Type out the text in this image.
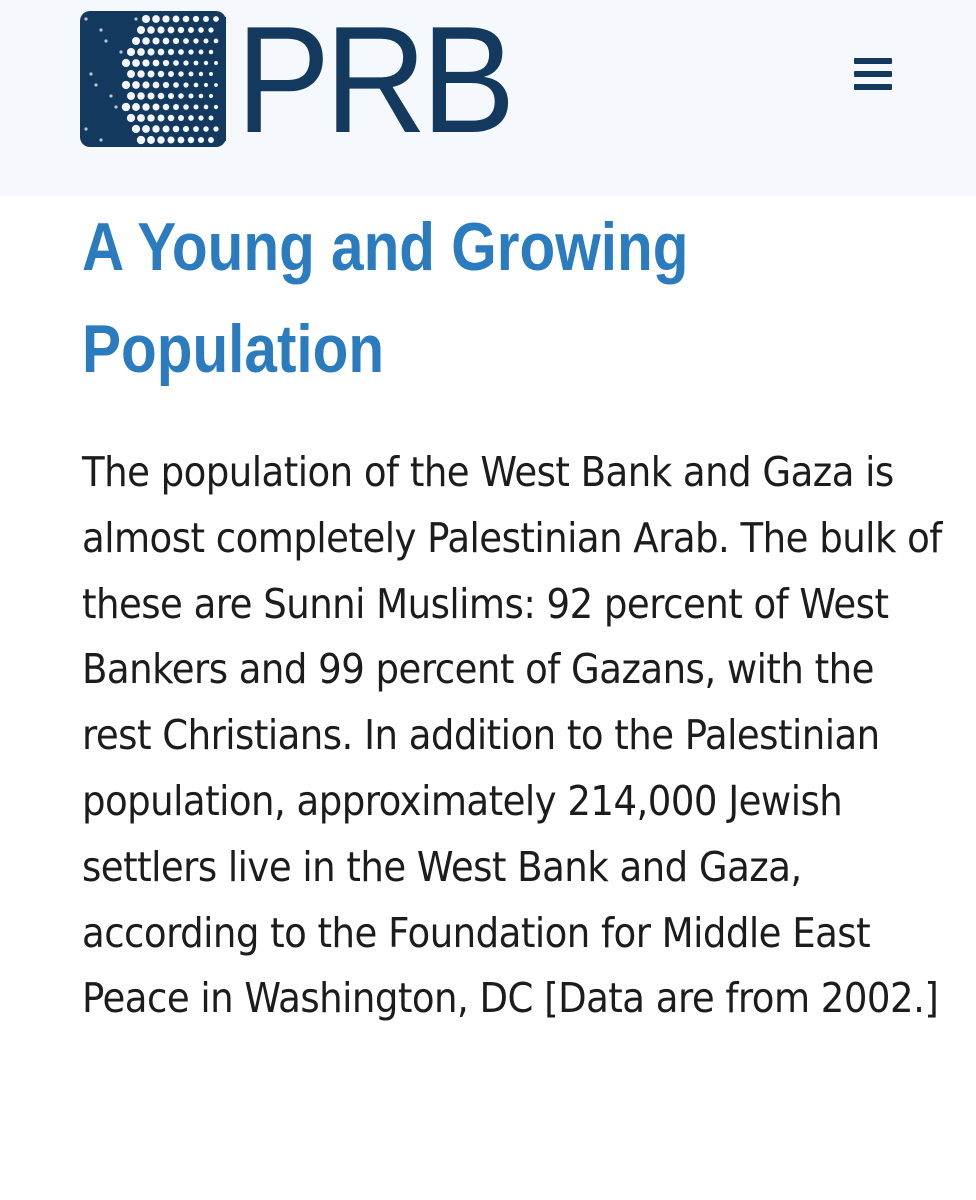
PRB
A Young and Growing Population

The population of the West Bank and Gaza is almost completely Palestinian Arab. The bulk of these are Sunni Muslims: 92 percent of West Bankers and 99 percent of Gazans, with the rest Christians. In addition to the Palestinian population, approximately 214,000 Jewish settlers live in the West Bank and Gaza, according to the Foundation for Middle East Peace in Washington, DC [Data are from 2002.]
